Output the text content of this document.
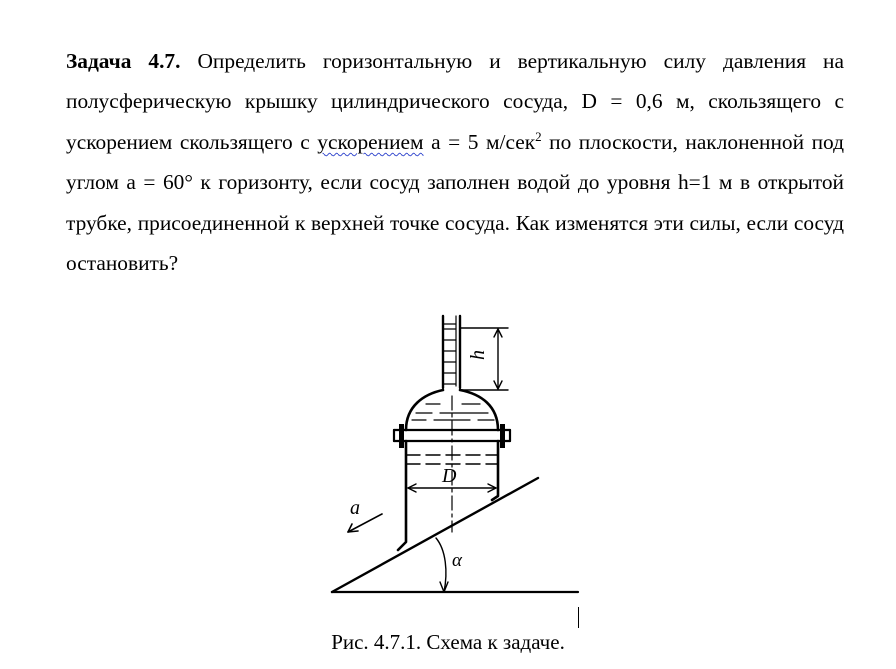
Задача 4.7. Определить горизонтальную и вертикальную силу давления на полусферическую крышку цилиндрического сосуда, D = 0,6 м, скользящего с ускорением скользящего с ускорением a = 5 м/сек$^2$ по плоскости, наклоненной под углом a = 60° к горизонту, если сосуд заполнен водой до уровня h=1 м в открытой трубке, присоединенной к верхней точке сосуда. Как изменятся эти силы, если сосуд остановить?

h
D
a
α
Рис. 4.7.1. Схема к задаче.
